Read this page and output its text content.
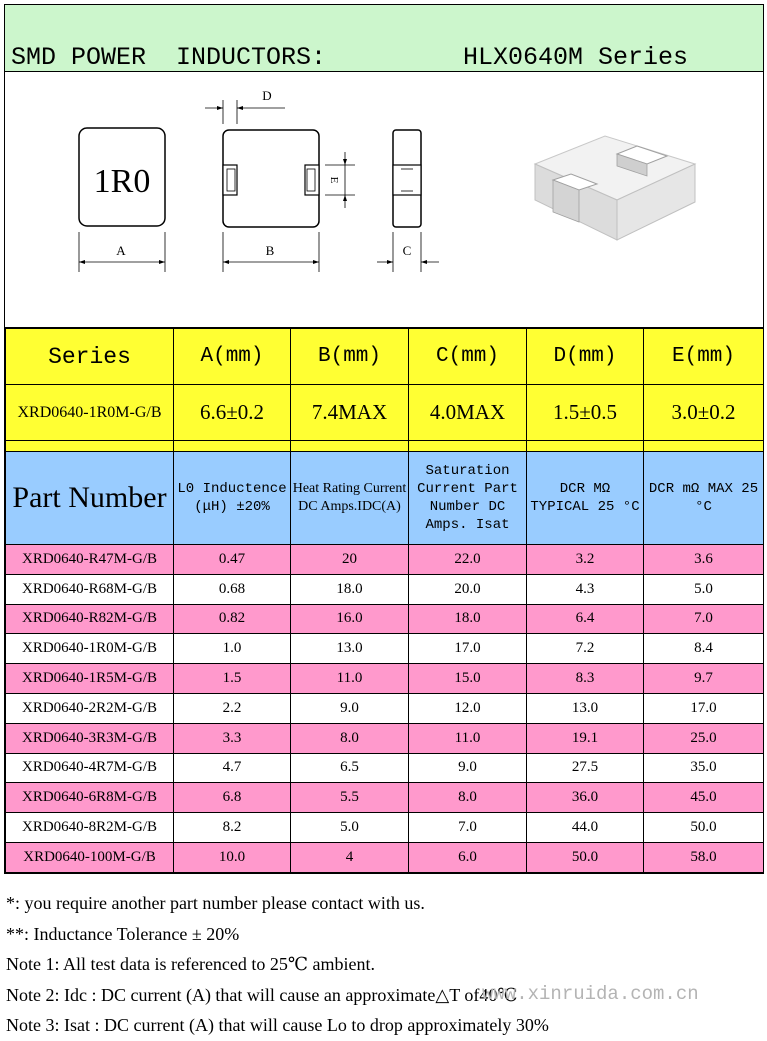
SMD POWER  INDUCTORS:	HLX0640M Series
1R0
A	B
D
E
C
Series	A(mm)	B(mm)	C(mm)	D(mm)	E(mm)
XRD0640-1R0M-G/B	6.6±0.2	7.4MAX	4.0MAX	1.5±0.5	3.0±0.2

Part Number	L0 Inductence (μH) ±20%	Heat Rating Current DC Amps.IDC(A)	Saturation Current Part Number DC Amps. Isat	DCR MΩ TYPICAL 25 °C	DCR mΩ MAX 25 °C
XRD0640-R47M-G/B	0.47	20	22.0	3.2	3.6
XRD0640-R68M-G/B	0.68	18.0	20.0	4.3	5.0
XRD0640-R82M-G/B	0.82	16.0	18.0	6.4	7.0
XRD0640-1R0M-G/B	1.0	13.0	17.0	7.2	8.4
XRD0640-1R5M-G/B	1.5	11.0	15.0	8.3	9.7
XRD0640-2R2M-G/B	2.2	9.0	12.0	13.0	17.0
XRD0640-3R3M-G/B	3.3	8.0	11.0	19.1	25.0
XRD0640-4R7M-G/B	4.7	6.5	9.0	27.5	35.0
XRD0640-6R8M-G/B	6.8	5.5	8.0	36.0	45.0
XRD0640-8R2M-G/B	8.2	5.0	7.0	44.0	50.0
XRD0640-100M-G/B	10.0	4	6.0	50.0	58.0
*: you require another part number please contact with us.
**: Inductance Tolerance ± 20%
Note 1: All test data is referenced to 25℃ ambient.
Note 2: Idc : DC current (A) that will cause an approximate△T of40℃
Note 3: Isat : DC current (A) that will cause Lo to drop approximately 30%
www.xinruida.com.cn
